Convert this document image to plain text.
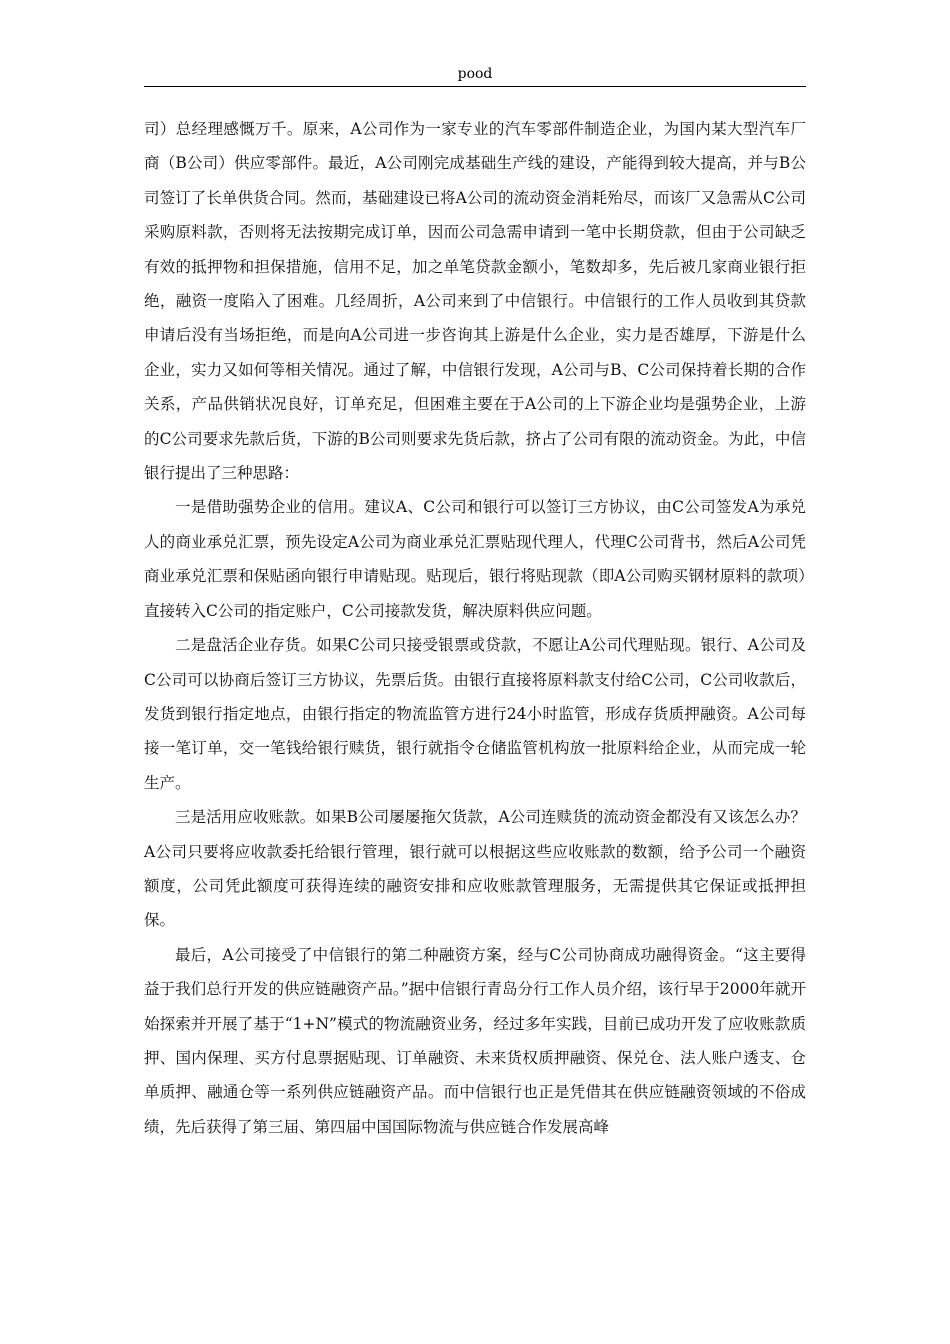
pood

司）总经理感慨万千。原来，A公司作为一家专业的汽车零部件制造企业，为国内某大型汽车厂商（B公司）供应零部件。最近，A公司刚完成基础生产线的建设，产能得到较大提高，并与B公司签订了长单供货合同。然而，基础建设已将A公司的流动资金消耗殆尽，而该厂又急需从C公司采购原料款，否则将无法按期完成订单，因而公司急需申请到一笔中长期贷款，但由于公司缺乏有效的抵押物和担保措施，信用不足，加之单笔贷款金额小，笔数却多，先后被几家商业银行拒绝，融资一度陷入了困难。几经周折，A公司来到了中信银行。中信银行的工作人员收到其贷款申请后没有当场拒绝，而是向A公司进一步咨询其上游是什么企业，实力是否雄厚，下游是什么企业，实力又如何等相关情况。通过了解，中信银行发现，A公司与B、C公司保持着长期的合作关系，产品供销状况良好，订单充足，但困难主要在于A公司的上下游企业均是强势企业，上游的C公司要求先款后货，下游的B公司则要求先货后款，挤占了公司有限的流动资金。为此，中信银行提出了三种思路：

一是借助强势企业的信用。建议A、C公司和银行可以签订三方协议，由C公司签发A为承兑人的商业承兑汇票，预先设定A公司为商业承兑汇票贴现代理人，代理C公司背书，然后A公司凭商业承兑汇票和保贴函向银行申请贴现。贴现后，银行将贴现款（即A公司购买钢材原料的款项）直接转入C公司的指定账户，C公司接款发货，解决原料供应问题。

二是盘活企业存货。如果C公司只接受银票或贷款，不愿让A公司代理贴现。银行、A公司及C公司可以协商后签订三方协议，先票后货。由银行直接将原料款支付给C公司，C公司收款后，发货到银行指定地点，由银行指定的物流监管方进行24小时监管，形成存货质押融资。A公司每接一笔订单，交一笔钱给银行赎货，银行就指令仓储监管机构放一批原料给企业，从而完成一轮生产。

三是活用应收账款。如果B公司屡屡拖欠货款，A公司连赎货的流动资金都没有又该怎么办？A公司只要将应收款委托给银行管理，银行就可以根据这些应收账款的数额，给予公司一个融资额度，公司凭此额度可获得连续的融资安排和应收账款管理服务，无需提供其它保证或抵押担保。

最后，A公司接受了中信银行的第二种融资方案，经与C公司协商成功融得资金。“这主要得益于我们总行开发的供应链融资产品。”据中信银行青岛分行工作人员介绍，该行早于2000年就开始探索并开展了基于“1+N”模式的物流融资业务，经过多年实践，目前已成功开发了应收账款质押、国内保理、买方付息票据贴现、订单融资、未来货权质押融资、保兑仓、法人账户透支、仓单质押、融通仓等一系列供应链融资产品。而中信银行也正是凭借其在供应链融资领域的不俗成绩，先后获得了第三届、第四届中国国际物流与供应链合作发展高峰
